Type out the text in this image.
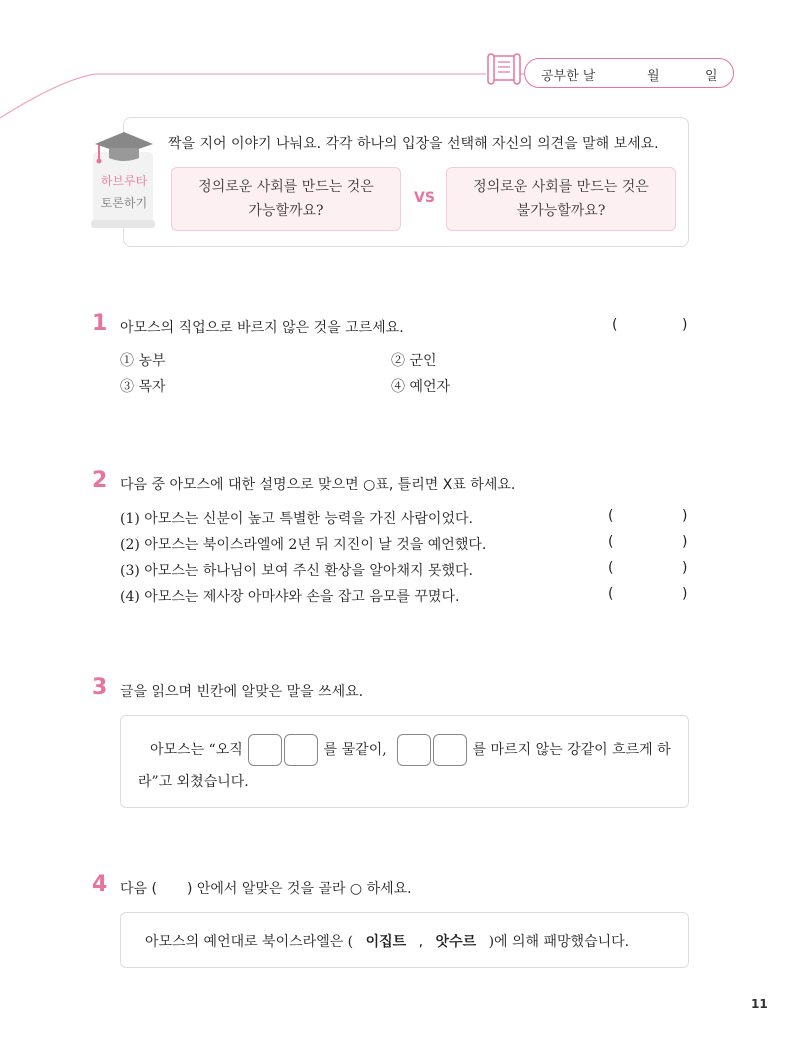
공부한 날	월	일
하브루타
토론하기
짝을 지어 이야기 나눠요. 각각 하나의 입장을 선택해 자신의 의견을 말해 보세요.
정의로운 사회를 만드는 것은
가능할까요?
VS
정의로운 사회를 만드는 것은
불가능할까요?
1 아모스의 직업으로 바르지 않은 것을 고르세요.	(	)
① 농부	② 군인
③ 목자	④ 예언자
2 다음 중 아모스에 대한 설명으로 맞으면 ○표, 틀리면 X표 하세요.
(1) 아모스는 신분이 높고 특별한 능력을 가진 사람이었다.	(	)
(2) 아모스는 북이스라엘에 2년 뒤 지진이 날 것을 예언했다.	(	)
(3) 아모스는 하나님이 보여 주신 환상을 알아채지 못했다.	(	)
(4) 아모스는 제사장 아마샤와 손을 잡고 음모를 꾸몄다.	(	)
3 글을 읽으며 빈칸에 알맞은 말을 쓰세요.
아모스는 “오직	를 물같이,	를 마르지 않는 강같이 흐르게 하
라”고 외쳤습니다.
4 다음 ( ) 안에서 알맞은 것을 골라 ○ 하세요.
아모스의 예언대로 북이스라엘은 ( 이집트 , 앗수르 )에 의해 패망했습니다.
11
